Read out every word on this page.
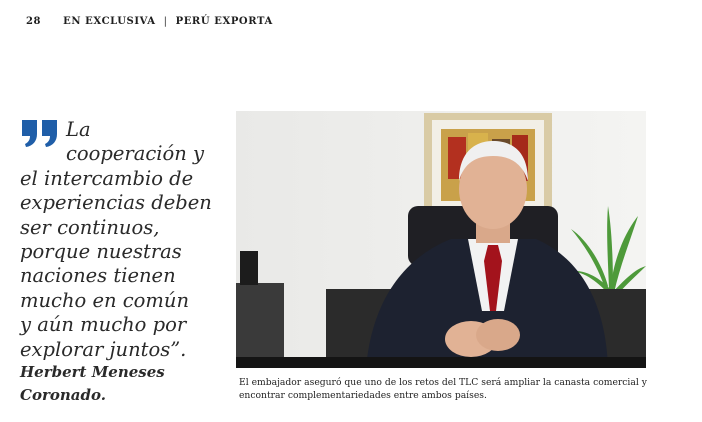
28 EN EXCLUSIVA | PERÚ EXPORTA

La
cooperación y
el intercambio de
experiencias deben
ser continuos,
porque nuestras
naciones tienen
mucho en común
y aún mucho por
explorar juntos”.

Herbert Meneses
Coronado.
El embajador aseguró que uno de los retos del TLC será ampliar la canasta comercial y
encontrar complementariedades entre ambos países.
